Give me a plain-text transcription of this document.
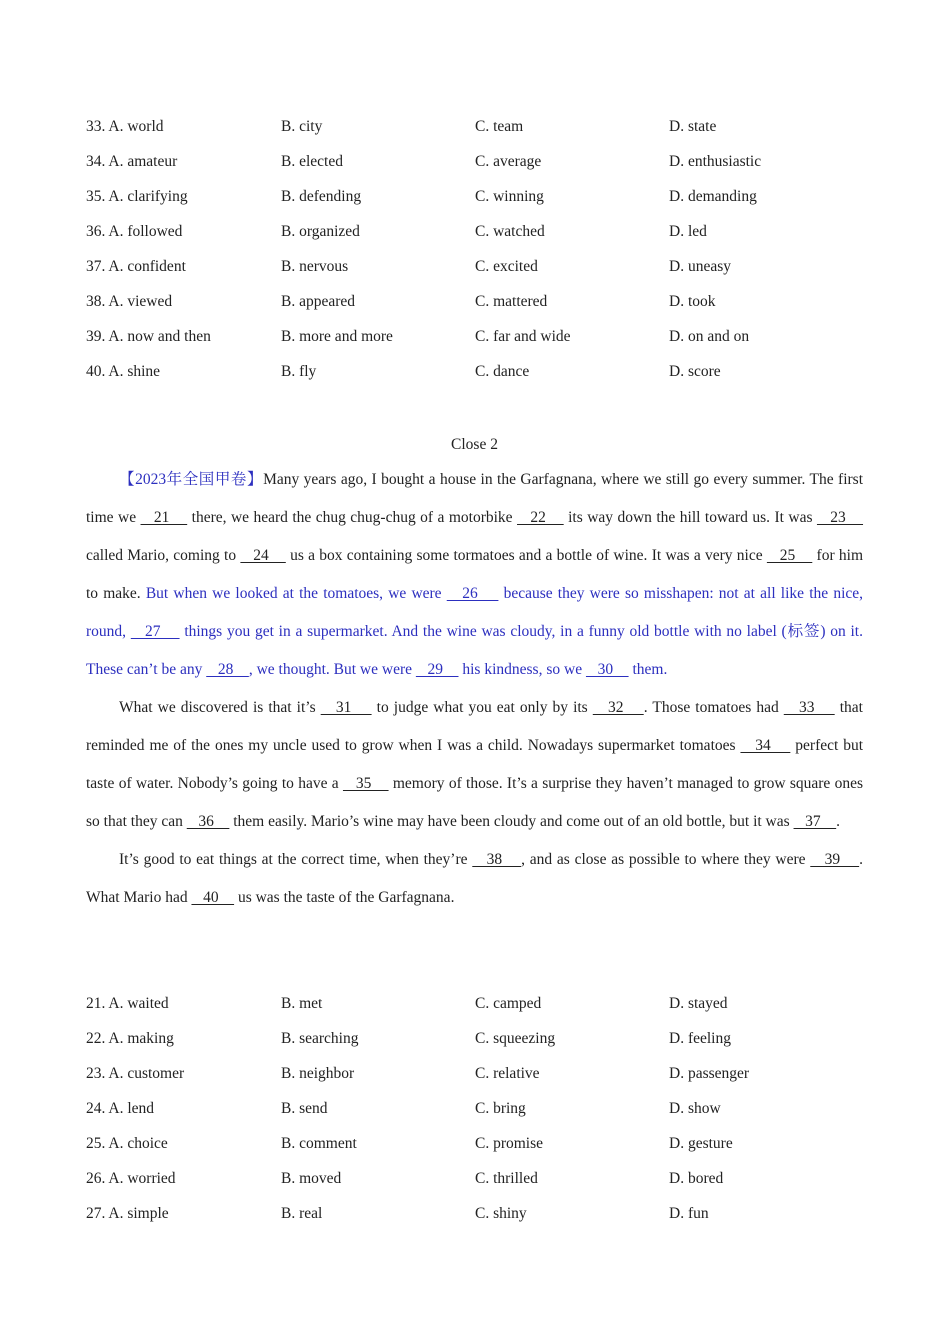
33. A. world	B. city	C. team	D. state
34. A. amateur	B. elected	C. average	D. enthusiastic
35. A. clarifying	B. defending	C. winning	D. demanding
36. A. followed	B. organized	C. watched	D. led
37. A. confident	B. nervous	C. excited	D. uneasy
38. A. viewed	B. appeared	C. mattered	D. took
39. A. now and then	B. more and more	C. far and wide	D. on and on
40. A. shine	B. fly	C. dance	D. score
Close 2

【2023年全国甲卷】Many years ago, I bought a house in the Garfagnana, where we still go every summer. The first time we    21     there, we heard the chug chug-chug of a motorbike    22     its way down the hill toward us. It was    23     called Mario, coming to    24     us a box containing some tormatoes and a bottle of wine. It was a very nice    25     for him to make. But when we looked at the tomatoes, we were    26     because they were so misshapen: not at all like the nice, round,    27     things you get in a supermarket. And the wine was cloudy, in a funny old bottle with no label (标签) on it. These can’t be any    28    , we thought. But we were    29     his kindness, so we    30     them.

What we discovered is that it’s    31     to judge what you eat only by its    32    . Those tomatoes had    33     that reminded me of the ones my uncle used to grow when I was a child. Nowadays supermarket tomatoes    34     perfect but taste of water. Nobody’s going to have a    35     memory of those. It’s a surprise they haven’t managed to grow square ones so that they can    36     them easily. Mario’s wine may have been cloudy and come out of an old bottle, but it was    37    .

It’s good to eat things at the correct time, when they’re    38    , and as close as possible to where they were    39    . What Mario had    40     us was the taste of the Garfagnana.

21. A. waited	B. met	C. camped	D. stayed
22. A. making	B. searching	C. squeezing	D. feeling
23. A. customer	B. neighbor	C. relative	D. passenger
24. A. lend	B. send	C. bring	D. show
25. A. choice	B. comment	C. promise	D. gesture
26. A. worried	B. moved	C. thrilled	D. bored
27. A. simple	B. real	C. shiny	D. fun
